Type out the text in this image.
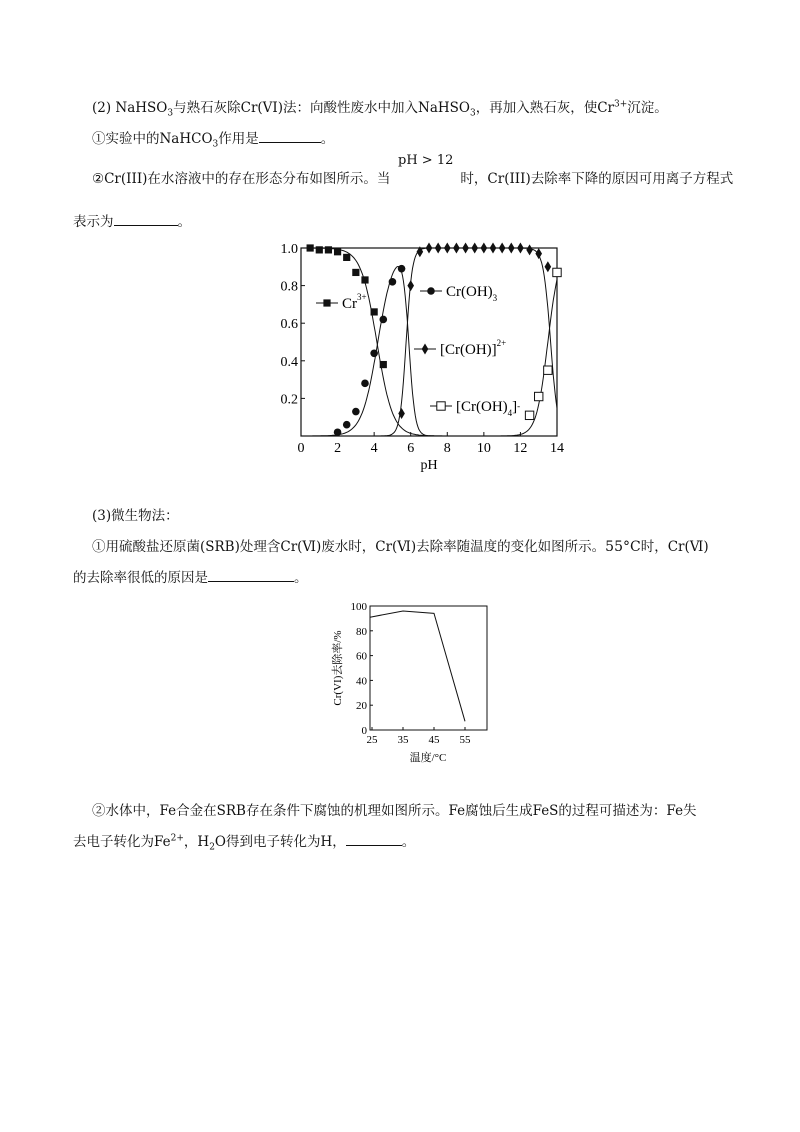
(2) NaHSO$_3$与熟石灰除Cr(VI)法：向酸性废水中加入NaHSO$_3$，再加入熟石灰，使$Cr^{3+}$沉淀。
①实验中的NaHCO$_3$作用是	。
②Cr(III)在水溶液中的存在形态分布如图所示。当	时，Cr(III)去除率下降的原因可用离子方程式
pH > 12
表示为	。
1.0
0.8
0.6
0.4
0.2
0 2 4 6 8 10 12 14
pH
$Cr^{3+}$	$Cr(OH)_3$
$[Cr(OH)]^{2+}$
$[Cr(OH)_4]-$
(3)微生物法：
①用硫酸盐还原菌(SRB)处理含Cr(Ⅵ)废水时，Cr(Ⅵ)去除率随温度的变化如图所示。55°C时，Cr(Ⅵ)
的去除率很低的原因是	。
0
20
40
60
80
100
25 35 45 55
Cr(VI)去除率/%
温度/°C
②水体中，Fe合金在SRB存在条件下腐蚀的机理如图所示。Fe腐蚀后生成FeS的过程可描述为：Fe失
去电子转化为$Fe^{2+}$，$H_2O$得到电子转化为H，	。
